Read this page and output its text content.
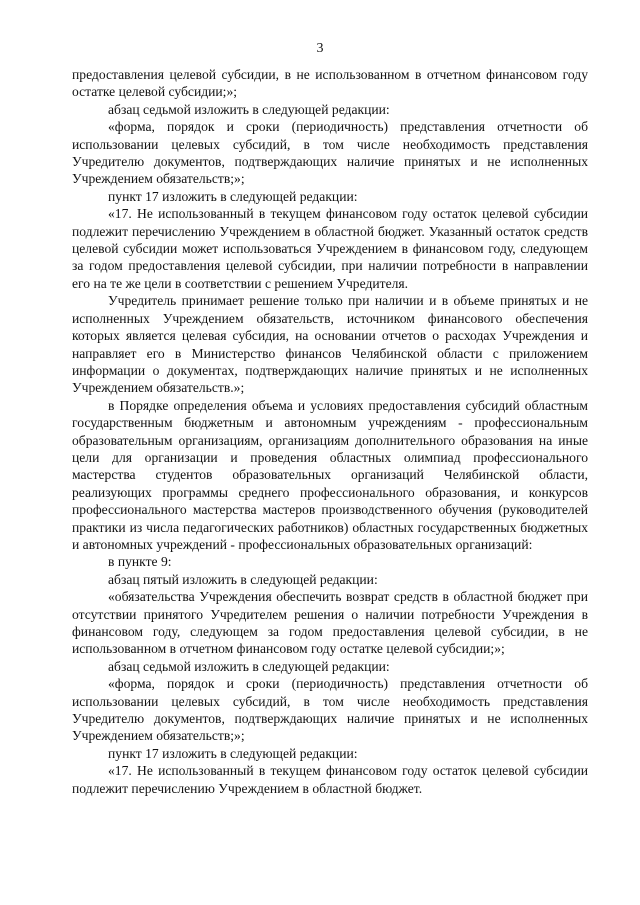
3

предоставления целевой субсидии, в не использованном в отчетном финансовом году остатке целевой субсидии;»;

абзац седьмой изложить в следующей редакции:

«форма, порядок и сроки (периодичность) представления отчетности об использовании целевых субсидий, в том числе необходимость представления Учредителю документов, подтверждающих наличие принятых и не исполненных Учреждением обязательств;»;

пункт 17 изложить в следующей редакции:

«17. Не использованный в текущем финансовом году остаток целевой субсидии подлежит перечислению Учреждением в областной бюджет. Указанный остаток средств целевой субсидии может использоваться Учреждением в финансовом году, следующем за годом предоставления целевой субсидии, при наличии потребности в направлении его на те же цели в соответствии с решением Учредителя.

Учредитель принимает решение только при наличии и в объеме принятых и не исполненных Учреждением обязательств, источником финансового обеспечения которых является целевая субсидия, на основании отчетов о расходах Учреждения и направляет его в Министерство финансов Челябинской области с приложением информации о документах, подтверждающих наличие принятых и не исполненных Учреждением обязательств.»;

в Порядке определения объема и условиях предоставления субсидий областным государственным бюджетным и автономным учреждениям - профессиональным образовательным организациям, организациям дополнительного образования на иные цели для организации и проведения областных олимпиад профессионального мастерства студентов образовательных организаций Челябинской области, реализующих программы среднего профессионального образования, и конкурсов профессионального мастерства мастеров производственного обучения (руководителей практики из числа педагогических работников) областных государственных бюджетных и автономных учреждений - профессиональных образовательных организаций:

в пункте 9:

абзац пятый изложить в следующей редакции:

«обязательства Учреждения обеспечить возврат средств в областной бюджет при отсутствии принятого Учредителем решения о наличии потребности Учреждения в финансовом году, следующем за годом предоставления целевой субсидии, в не использованном в отчетном финансовом году остатке целевой субсидии;»;

абзац седьмой изложить в следующей редакции:

«форма, порядок и сроки (периодичность) представления отчетности об использовании целевых субсидий, в том числе необходимость представления Учредителю документов, подтверждающих наличие принятых и не исполненных Учреждением обязательств;»;

пункт 17 изложить в следующей редакции:

«17. Не использованный в текущем финансовом году остаток целевой субсидии подлежит перечислению Учреждением в областной бюджет.
